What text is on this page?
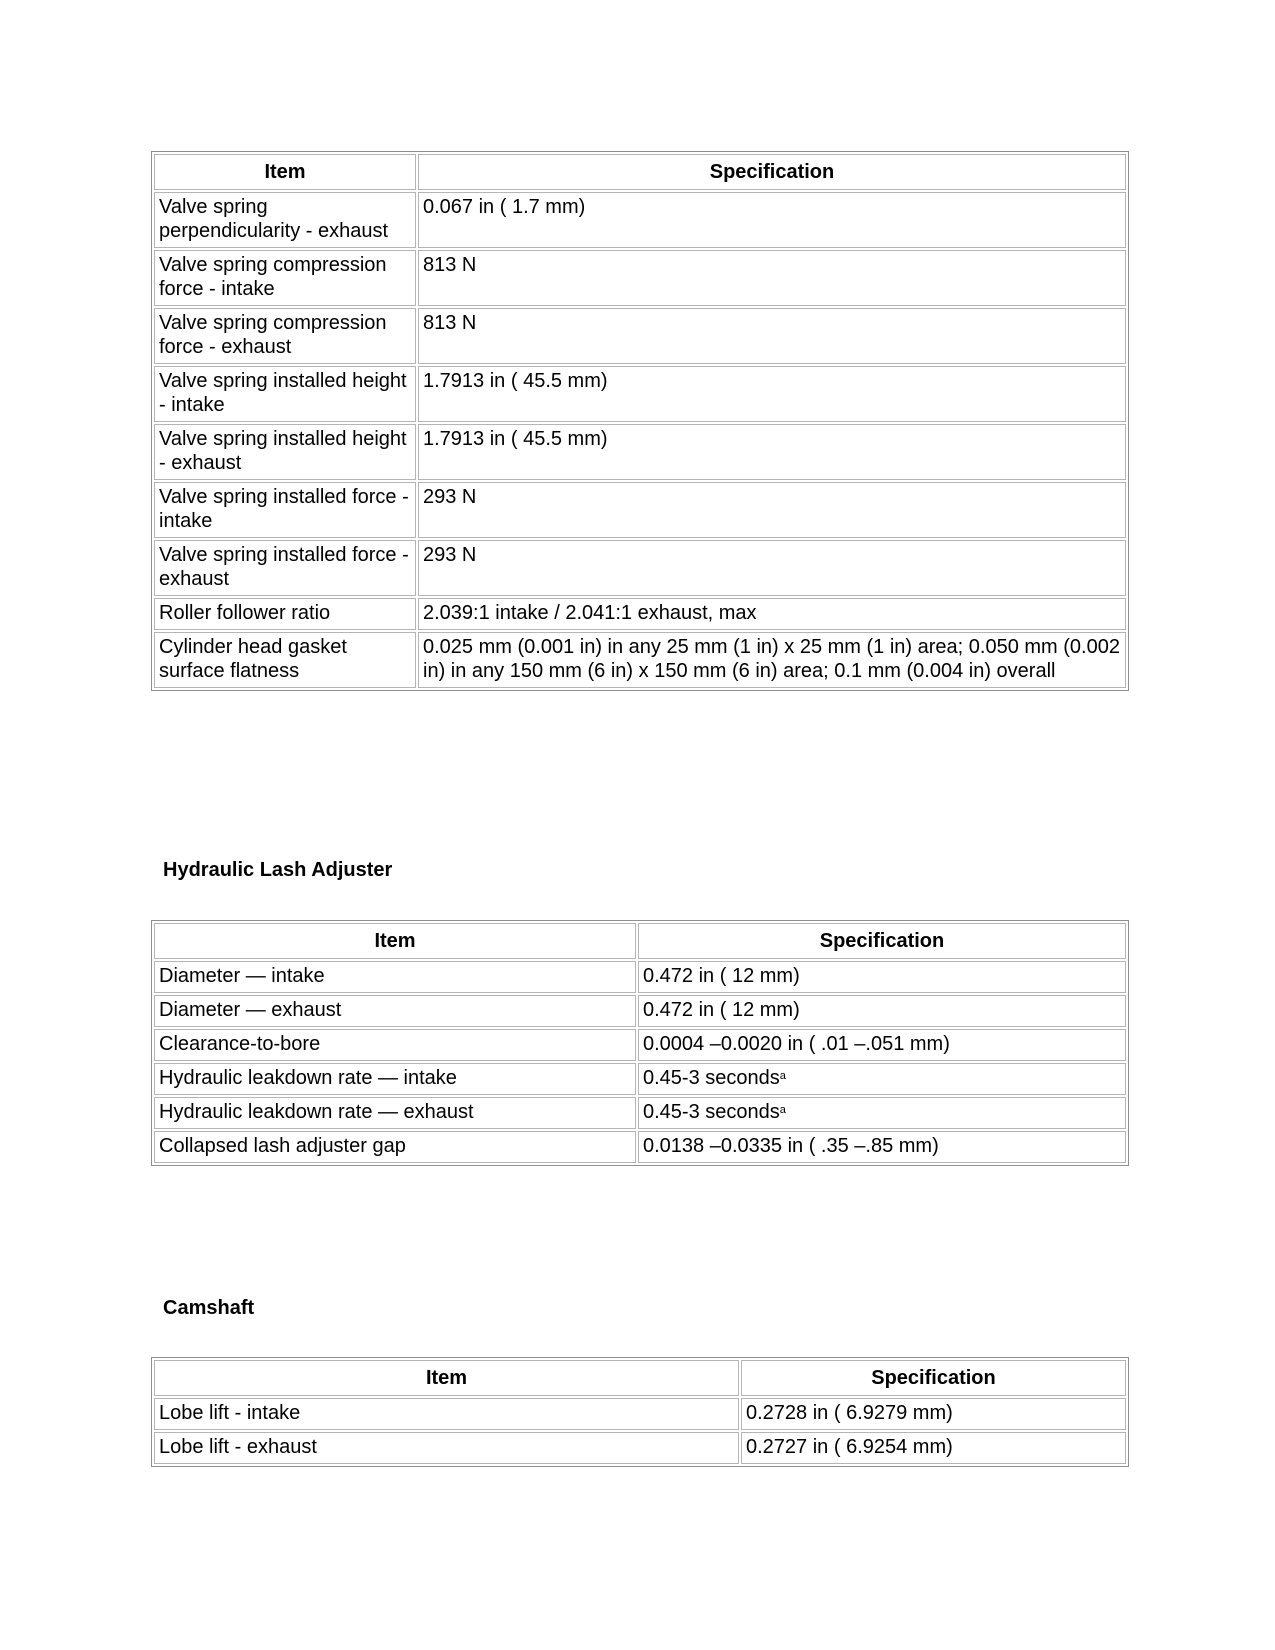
Item	Specification
Valve spring perpendicularity - exhaust	0.067 in ( 1.7 mm)
Valve spring compression force - intake	813 N
Valve spring compression force - exhaust	813 N
Valve spring installed height - intake	1.7913 in ( 45.5 mm)
Valve spring installed height - exhaust	1.7913 in ( 45.5 mm)
Valve spring installed force - intake	293 N
Valve spring installed force - exhaust	293 N
Roller follower ratio	2.039:1 intake / 2.041:1 exhaust, max
Cylinder head gasket surface flatness	0.025 mm (0.001 in) in any 25 mm (1 in) x 25 mm (1 in) area; 0.050 mm (0.002 in) in any 150 mm (6 in) x 150 mm (6 in) area; 0.1 mm (0.004 in) overall
Hydraulic Lash Adjuster
Item	Specification
Diameter — intake	0.472 in ( 12 mm)
Diameter — exhaust	0.472 in ( 12 mm)
Clearance-to-bore	0.0004 –0.0020 in ( .01 –.051 mm)
Hydraulic leakdown rate — intake	0.45-3 seconds$^a$
Hydraulic leakdown rate — exhaust	0.45-3 seconds$^a$
Collapsed lash adjuster gap	0.0138 –0.0335 in ( .35 –.85 mm)
Camshaft
Item	Specification
Lobe lift - intake	0.2728 in ( 6.9279 mm)
Lobe lift - exhaust	0.2727 in ( 6.9254 mm)
